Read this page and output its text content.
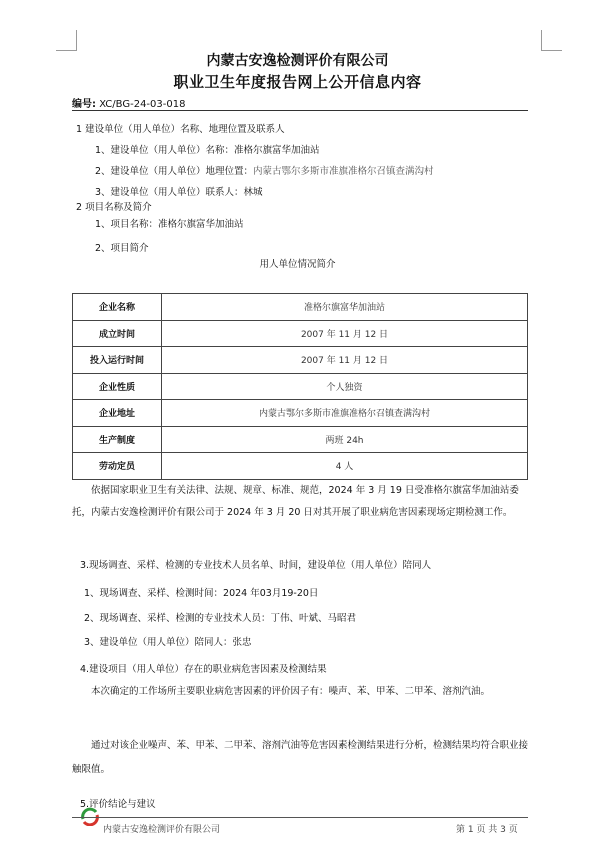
内蒙古安逸检测评价有限公司
职业卫生年度报告网上公开信息内容
编号: XC/BG-24-03-018
1 建设单位（用人单位）名称、地理位置及联系人
1、建设单位（用人单位）名称：准格尔旗富华加油站
2、建设单位（用人单位）地理位置：内蒙古鄂尔多斯市准旗准格尔召镇查满沟村
3、建设单位（用人单位）联系人：林城
2 项目名称及简介
1、项目名称：准格尔旗富华加油站
2、项目简介
用人单位情况简介
企业名称	准格尔旗富华加油站
成立时间	2007 年 11 月 12 日
投入运行时间	2007 年 11 月 12 日
企业性质	个人独资
企业地址	内蒙古鄂尔多斯市准旗准格尔召镇查满沟村
生产制度	两班 24h
劳动定员	4 人
依据国家职业卫生有关法律、法规、规章、标准、规范，2024 年 3 月 19 日受准格尔旗富华加油站委托，内蒙古安逸检测评价有限公司于 2024 年 3 月 20 日对其开展了职业病危害因素现场定期检测工作。
3.现场调查、采样、检测的专业技术人员名单、时间，建设单位（用人单位）陪同人
1、现场调查、采样、检测时间：2024 年03月19-20日
2、现场调查、采样、检测的专业技术人员：丁伟、叶斌、马昭君
3、建设单位（用人单位）陪同人：张忠
4.建设项目（用人单位）存在的职业病危害因素及检测结果
本次确定的工作场所主要职业病危害因素的评价因子有：噪声、苯、甲苯、二甲苯、溶剂汽油。
通过对该企业噪声、苯、甲苯、二甲苯、溶剂汽油等危害因素检测结果进行分析，检测结果均符合职业接触限值。
5.评价结论与建议
内蒙古安逸检测评价有限公司	第 1 页 共 3 页
